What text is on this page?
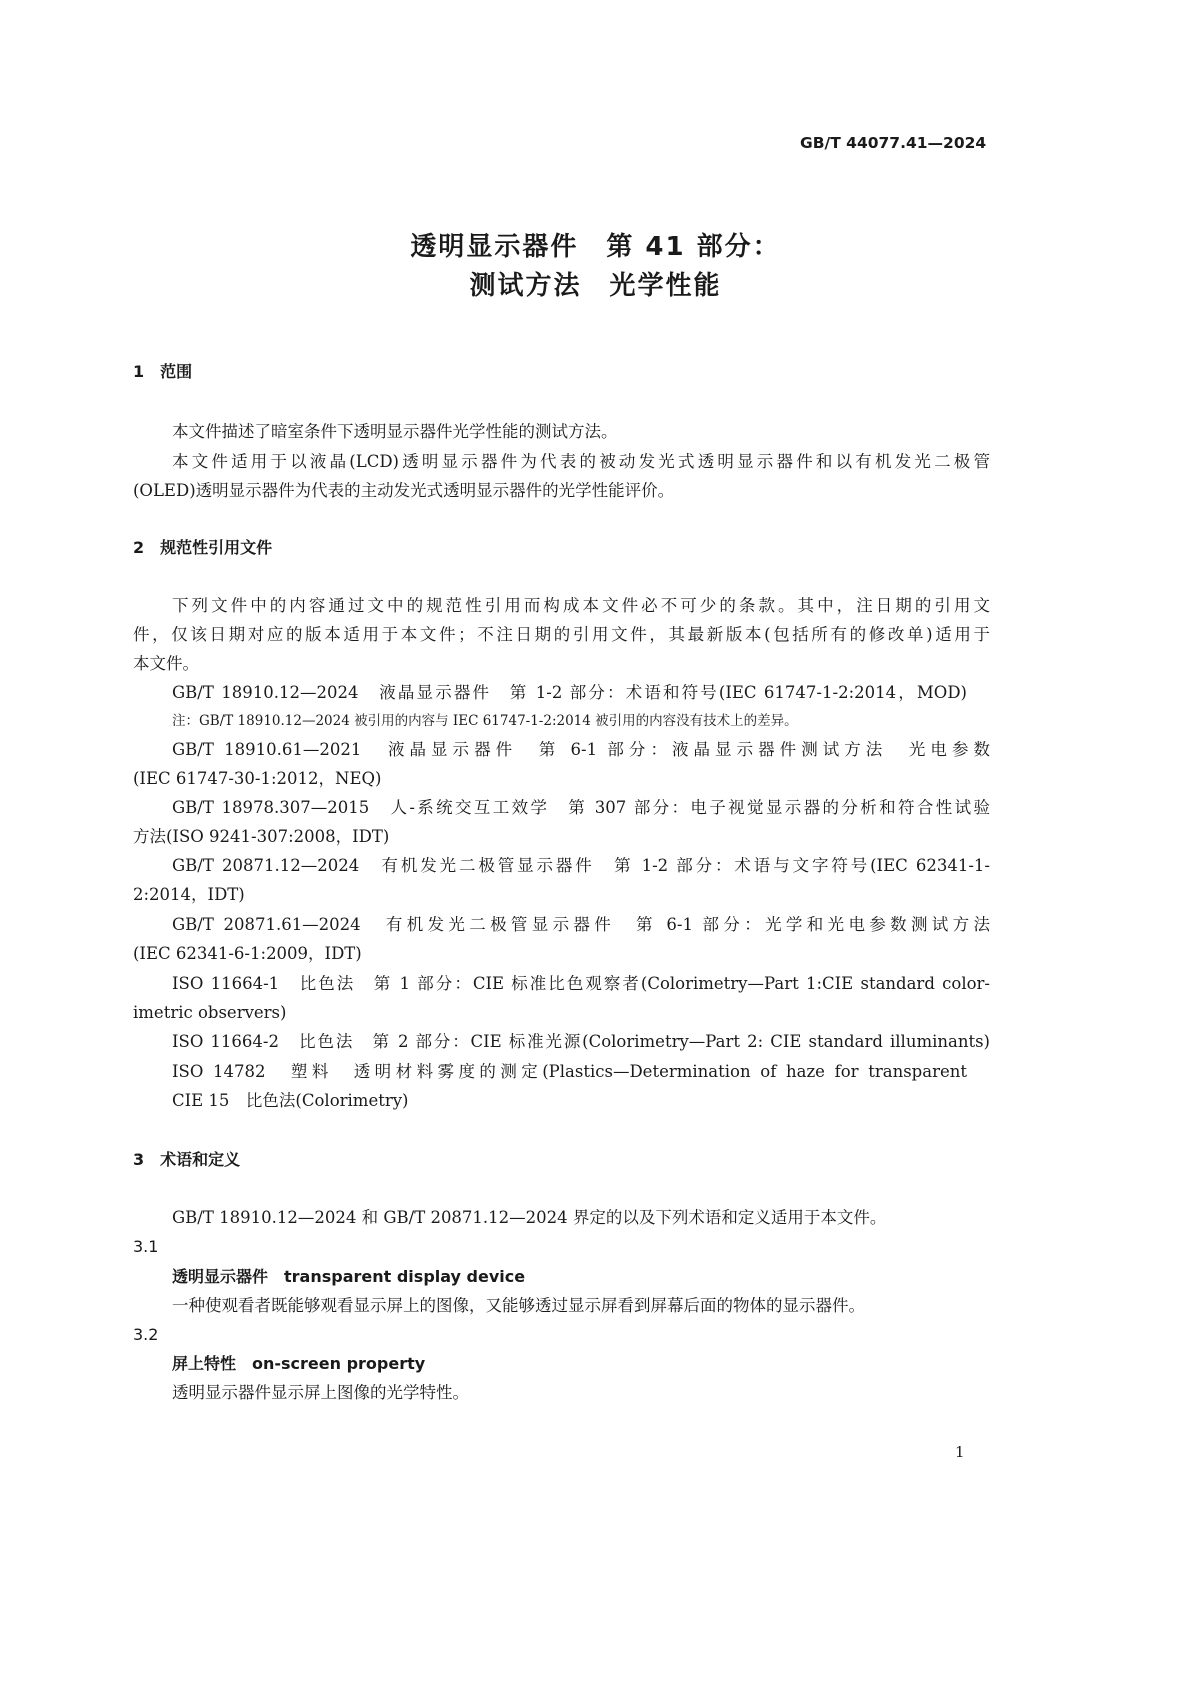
GB/T 44077.41—2024
透明显示器件　第 41 部分：
测试方法　光学性能
1　范围
本文件描述了暗室条件下透明显示器件光学性能的测试方法。
本文件适用于以液晶(LCD)透明显示器件为代表的被动发光式透明显示器件和以有机发光二极管
(OLED)透明显示器件为代表的主动发光式透明显示器件的光学性能评价。
2　规范性引用文件
下列文件中的内容通过文中的规范性引用而构成本文件必不可少的条款。其中，注日期的引用文
件，仅该日期对应的版本适用于本文件；不注日期的引用文件，其最新版本(包括所有的修改单)适用于
本文件。
GB/T 18910.12—2024　液晶显示器件　第 1-2 部分：术语和符号(IEC 61747-1-2:2014，MOD)
注：GB/T 18910.12—2024 被引用的内容与 IEC 61747-1-2:2014 被引用的内容没有技术上的差异。
GB/T 18910.61—2021　液晶显示器件　第 6-1 部分：液晶显示器件测试方法　光电参数
(IEC 61747-30-1:2012，NEQ)
GB/T 18978.307—2015　人-系统交互工效学　第 307 部分：电子视觉显示器的分析和符合性试验
方法(ISO 9241-307:2008，IDT)
GB/T 20871.12—2024　有机发光二极管显示器件　第 1-2 部分：术语与文字符号(IEC 62341-1-
2:2014，IDT)
GB/T 20871.61—2024　有机发光二极管显示器件　第 6-1 部分：光学和光电参数测试方法
(IEC 62341-6-1:2009，IDT)
ISO 11664-1　比色法　第 1 部分：CIE 标准比色观察者(Colorimetry—Part 1:CIE standard color-
imetric observers)
ISO 11664-2　比色法　第 2 部分：CIE 标准光源(Colorimetry—Part 2: CIE standard illuminants)
ISO 14782　塑料　透明材料雾度的测定(Plastics—Determination of haze for transparent
CIE 15　比色法(Colorimetry)
3　术语和定义
GB/T 18910.12—2024 和 GB/T 20871.12—2024 界定的以及下列术语和定义适用于本文件。
3.1
透明显示器件　transparent display device
一种使观看者既能够观看显示屏上的图像，又能够透过显示屏看到屏幕后面的物体的显示器件。
3.2
屏上特性　on-screen property
透明显示器件显示屏上图像的光学特性。
1
